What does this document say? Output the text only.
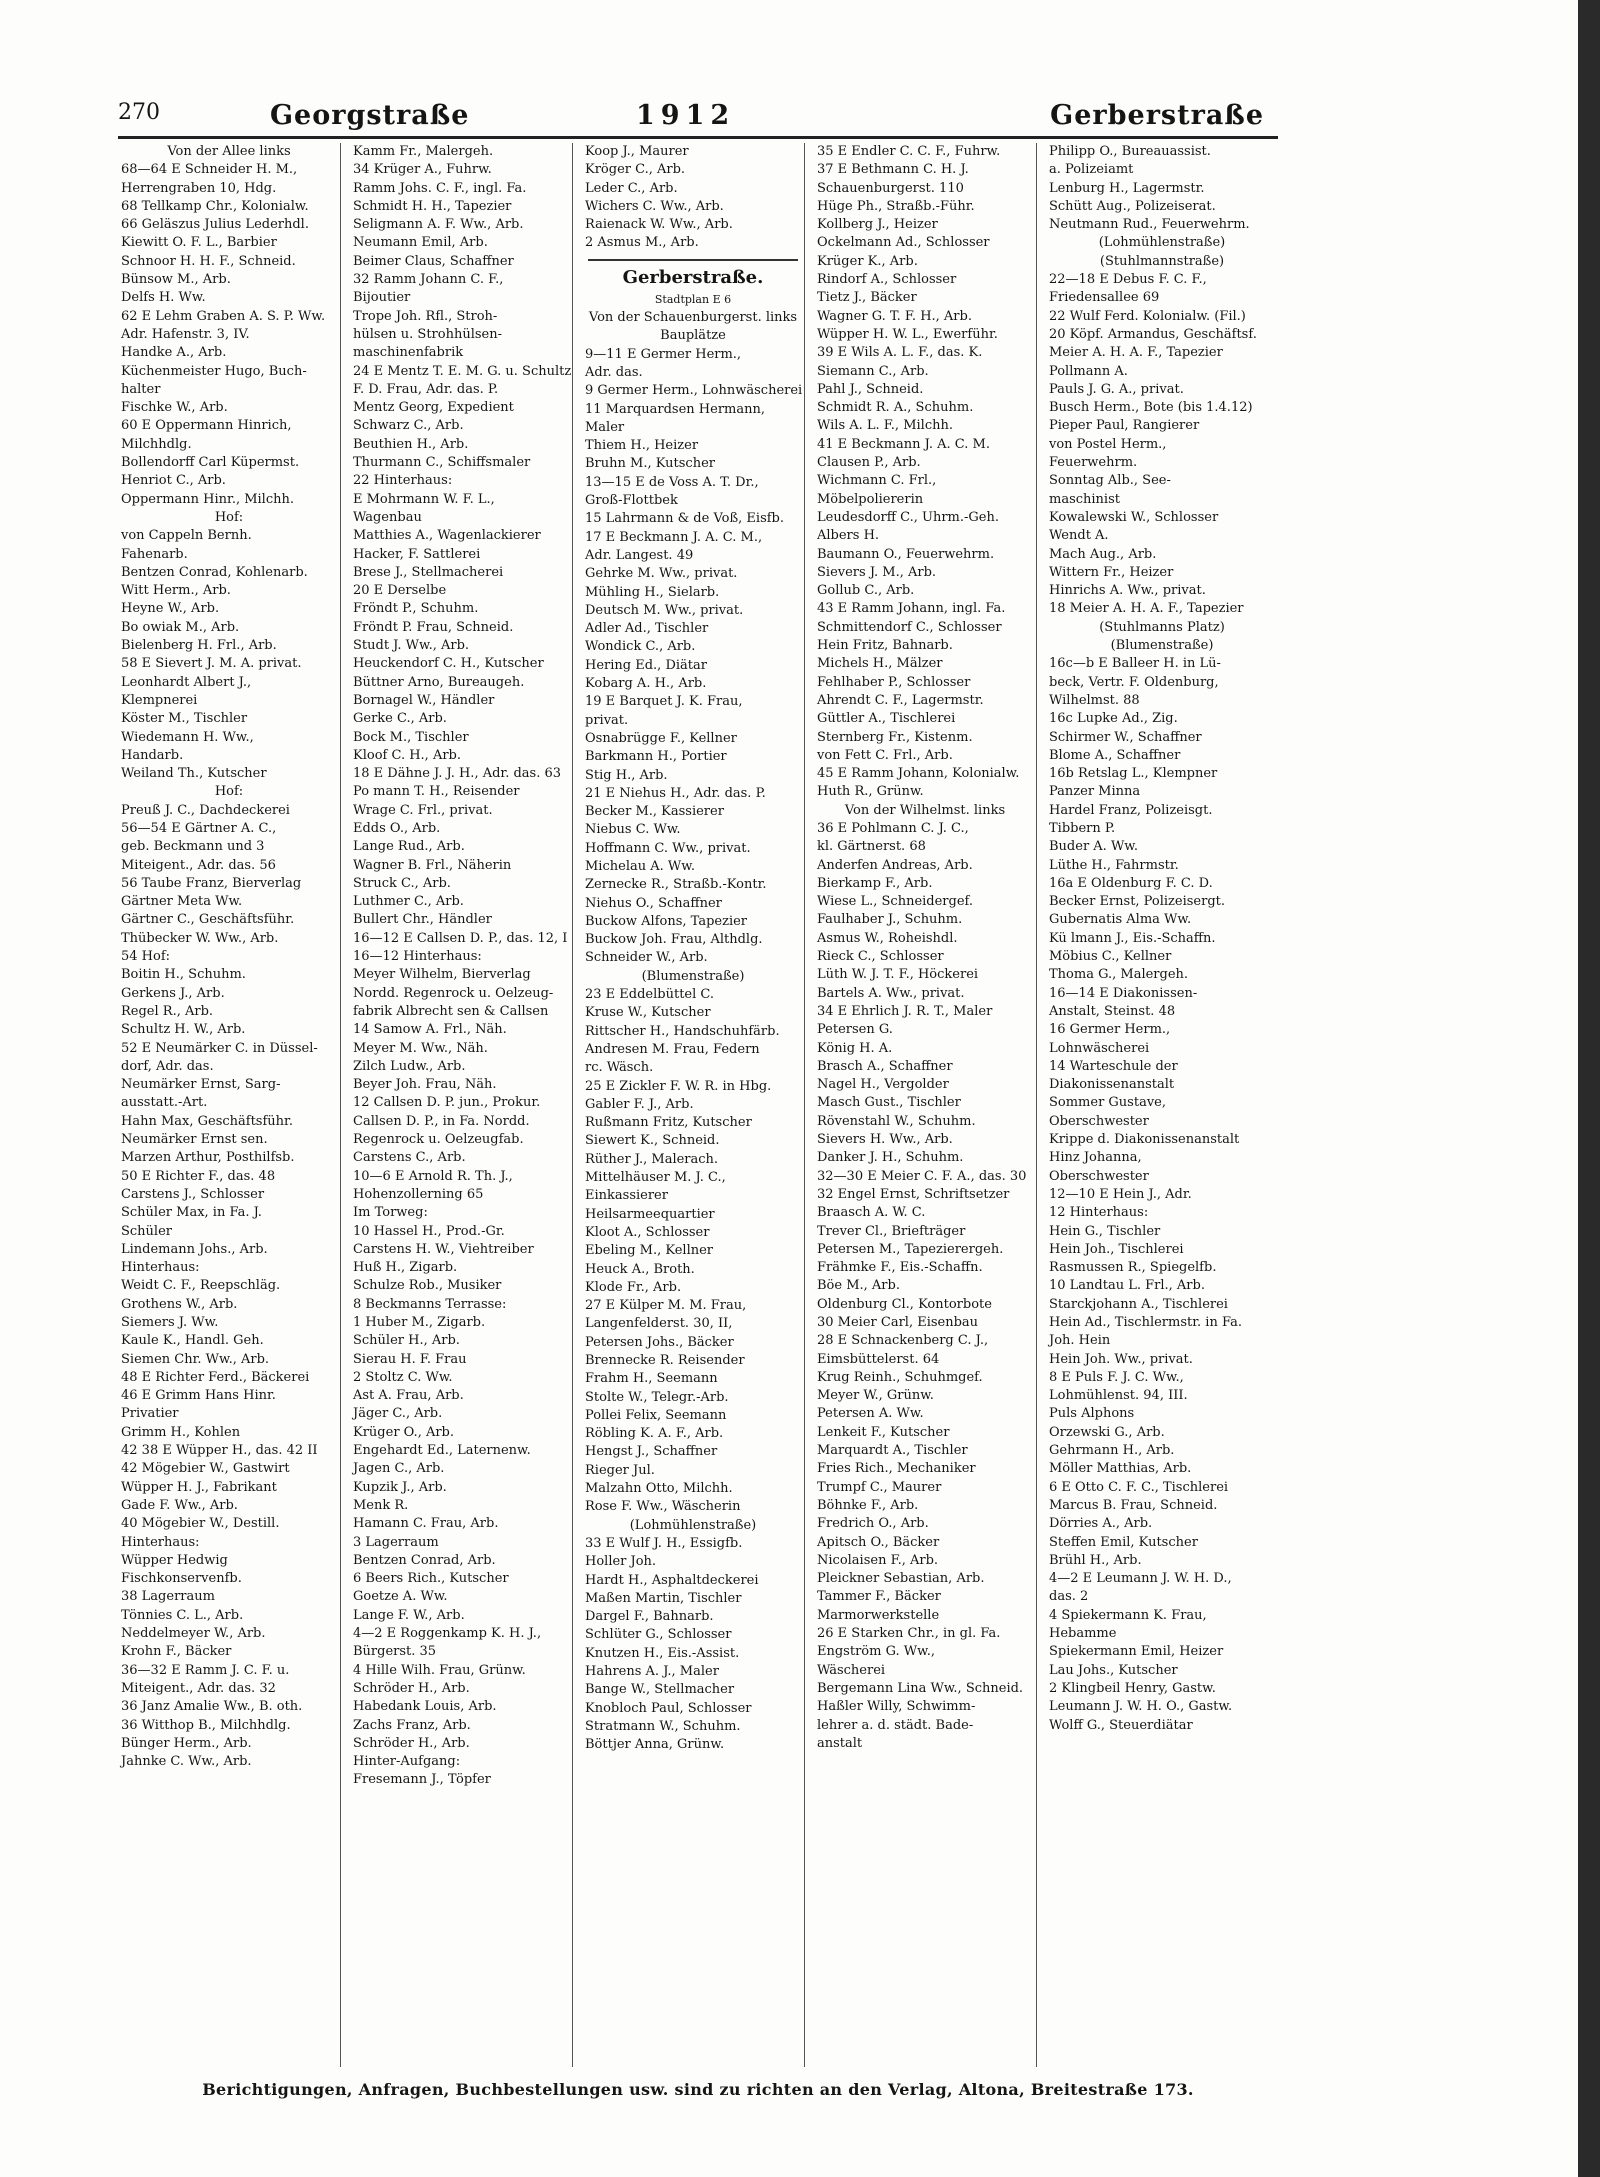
270	Georgstraße	1912	Gerberstraße
Von der Allee links
68—64 E Schneider H. M.,
Herrengraben 10, Hdg.
68 Tellkamp Chr., Kolonialw.
66 Geläszus Julius Lederhdl.
Kiewitt O. F. L., Barbier
Schnoor H. H. F., Schneid.
Bünsow M., Arb.
Delfs H. Ww.
62 E Lehm Graben A. S. P. Ww.
Adr. Hafenstr. 3, IV.
Handke A., Arb.
Küchenmeister Hugo, Buch-
halter
Fischke W., Arb.
60 E Oppermann Hinrich,
Milchhdlg.
Bollendorff Carl Küpermst.
Henriot C., Arb.
Oppermann Hinr., Milchh.
Hof:
von Cappeln Bernh.
Fahenarb.
Bentzen Conrad, Kohlenarb.
Witt Herm., Arb.
Heyne W., Arb.
Bo owiak M., Arb.
Bielenberg H. Frl., Arb.
58 E Sievert J. M. A. privat.
Leonhardt Albert J.,
Klempnerei
Köster M., Tischler
Wiedemann H. Ww.,
Handarb.
Weiland Th., Kutscher
Hof:
Preuß J. C., Dachdeckerei
56—54 E Gärtner A. C.,
geb. Beckmann und 3
Miteigent., Adr. das. 56
56 Taube Franz, Bierverlag
Gärtner Meta Ww.
Gärtner C., Geschäftsführ.
Thübecker W. Ww., Arb.
54 Hof:
Boitin H., Schuhm.
Gerkens J., Arb.
Regel R., Arb.
Schultz H. W., Arb.
52 E Neumärker C. in Düssel-
dorf, Adr. das.
Neumärker Ernst, Sarg-
ausstatt.-Art.
Hahn Max, Geschäftsführ.
Neumärker Ernst sen.
Marzen Arthur, Posthilfsb.
50 E Richter F., das. 48
Carstens J., Schlosser
Schüler Max, in Fa. J.
Schüler
Lindemann Johs., Arb.
Hinterhaus:
Weidt C. F., Reepschläg.
Grothens W., Arb.
Siemers J. Ww.
Kaule K., Handl. Geh.
Siemen Chr. Ww., Arb.
48 E Richter Ferd., Bäckerei
46 E Grimm Hans Hinr.
Privatier
Grimm H., Kohlen
42 38 E Wüpper H., das. 42 II
42 Mögebier W., Gastwirt
Wüpper H. J., Fabrikant
Gade F. Ww., Arb.
40 Mögebier W., Destill.
Hinterhaus:
Wüpper Hedwig
Fischkonservenfb.
38 Lagerraum
Tönnies C. L., Arb.
Neddelmeyer W., Arb.
Krohn F., Bäcker
36—32 E Ramm J. C. F. u.
Miteigent., Adr. das. 32
36 Janz Amalie Ww., B. oth.
36 Witthop B., Milchhdlg.
Bünger Herm., Arb.
Jahnke C. Ww., Arb.
Kamm Fr., Malergeh.
34 Krüger A., Fuhrw.
Ramm Johs. C. F., ingl. Fa.
Schmidt H. H., Tapezier
Seligmann A. F. Ww., Arb.
Neumann Emil, Arb.
Beimer Claus, Schaffner
32 Ramm Johann C. F.,
Bijoutier
Trope Joh. Rfl., Stroh-
hülsen u. Strohhülsen-
maschinenfabrik
24 E Mentz T. E. M. G. u. Schultz
F. D. Frau, Adr. das. P.
Mentz Georg, Expedient
Schwarz C., Arb.
Beuthien H., Arb.
Thurmann C., Schiffsmaler
22 Hinterhaus:
E Mohrmann W. F. L.,
Wagenbau
Matthies A., Wagenlackierer
Hacker, F. Sattlerei
Brese J., Stellmacherei
20 E Derselbe
Fröndt P., Schuhm.
Fröndt P. Frau, Schneid.
Studt J. Ww., Arb.
Heuckendorf C. H., Kutscher
Büttner Arno, Bureaugeh.
Bornagel W., Händler
Gerke C., Arb.
Bock M., Tischler
Kloof C. H., Arb.
18 E Dähne J. J. H., Adr. das. 63
Po mann T. H., Reisender
Wrage C. Frl., privat.
Edds O., Arb.
Lange Rud., Arb.
Wagner B. Frl., Näherin
Struck C., Arb.
Luthmer C., Arb.
Bullert Chr., Händler
16—12 E Callsen D. P., das. 12, I
16—12 Hinterhaus:
Meyer Wilhelm, Bierverlag
Nordd. Regenrock u. Oelzeug-
fabrik Albrecht sen & Callsen
14 Samow A. Frl., Näh.
Meyer M. Ww., Näh.
Zilch Ludw., Arb.
Beyer Joh. Frau, Näh.
12 Callsen D. P. jun., Prokur.
Callsen D. P., in Fa. Nordd.
Regenrock u. Oelzeugfab.
Carstens C., Arb.
10—6 E Arnold R. Th. J.,
Hohenzollerning 65
Im Torweg:
10 Hassel H., Prod.-Gr.
Carstens H. W., Viehtreiber
Huß H., Zigarb.
Schulze Rob., Musiker
8 Beckmanns Terrasse:
1 Huber M., Zigarb.
Schüler H., Arb.
Sierau H. F. Frau
2 Stoltz C. Ww.
Ast A. Frau, Arb.
Jäger C., Arb.
Krüger O., Arb.
Engehardt Ed., Laternenw.
Jagen C., Arb.
Kupzik J., Arb.
Menk R.
Hamann C. Frau, Arb.
3 Lagerraum
Bentzen Conrad, Arb.
6 Beers Rich., Kutscher
Goetze A. Ww.
Lange F. W., Arb.
4—2 E Roggenkamp K. H. J.,
Bürgerst. 35
4 Hille Wilh. Frau, Grünw.
Schröder H., Arb.
Habedank Louis, Arb.
Zachs Franz, Arb.
Schröder H., Arb.
Hinter-Aufgang:
Fresemann J., Töpfer
Koop J., Maurer
Kröger C., Arb.
Leder C., Arb.
Wichers C. Ww., Arb.
Raienack W. Ww., Arb.
2 Asmus M., Arb.
Gerberstraße.
Stadtplan E 6
Von der Schauenburgerst. links
Bauplätze
9—11 E Germer Herm.,
Adr. das.
9 Germer Herm., Lohnwäscherei
11 Marquardsen Hermann,
Maler
Thiem H., Heizer
Bruhn M., Kutscher
13—15 E de Voss A. T. Dr.,
Groß-Flottbek
15 Lahrmann & de Voß, Eisfb.
17 E Beckmann J. A. C. M.,
Adr. Langest. 49
Gehrke M. Ww., privat.
Mühling H., Sielarb.
Deutsch M. Ww., privat.
Adler Ad., Tischler
Wondick C., Arb.
Hering Ed., Diätar
Kobarg A. H., Arb.
19 E Barquet J. K. Frau,
privat.
Osnabrügge F., Kellner
Barkmann H., Portier
Stig H., Arb.
21 E Niehus H., Adr. das. P.
Becker M., Kassierer
Niebus C. Ww.
Hoffmann C. Ww., privat.
Michelau A. Ww.
Zernecke R., Straßb.-Kontr.
Niehus O., Schaffner
Buckow Alfons, Tapezier
Buckow Joh. Frau, Althdlg.
Schneider W., Arb.
(Blumenstraße)
23 E Eddelbüttel C.
Kruse W., Kutscher
Rittscher H., Handschuhfärb.
Andresen M. Frau, Federn
rc. Wäsch.
25 E Zickler F. W. R. in Hbg.
Gabler F. J., Arb.
Rußmann Fritz, Kutscher
Siewert K., Schneid.
Rüther J., Malerach.
Mittelhäuser M. J. C.,
Einkassierer
Heilsarmeequartier
Kloot A., Schlosser
Ebeling M., Kellner
Heuck A., Broth.
Klode Fr., Arb.
27 E Külper M. M. Frau,
Langenfelderst. 30, II,
Petersen Johs., Bäcker
Brennecke R. Reisender
Frahm H., Seemann
Stolte W., Telegr.-Arb.
Pollei Felix, Seemann
Röbling K. A. F., Arb.
Hengst J., Schaffner
Rieger Jul.
Malzahn Otto, Milchh.
Rose F. Ww., Wäscherin
(Lohmühlenstraße)
33 E Wulf J. H., Essigfb.
Holler Joh.
Hardt H., Asphaltdeckerei
Maßen Martin, Tischler
Dargel F., Bahnarb.
Schlüter G., Schlosser
Knutzen H., Eis.-Assist.
Hahrens A. J., Maler
Bange W., Stellmacher
Knobloch Paul, Schlosser
Stratmann W., Schuhm.
Böttjer Anna, Grünw.
35 E Endler C. C. F., Fuhrw.
37 E Bethmann C. H. J.
Schauenburgerst. 110
Hüge Ph., Straßb.-Führ.
Kollberg J., Heizer
Ockelmann Ad., Schlosser
Krüger K., Arb.
Rindorf A., Schlosser
Tietz J., Bäcker
Wagner G. T. F. H., Arb.
Wüpper H. W. L., Ewerführ.
39 E Wils A. L. F., das. K.
Siemann C., Arb.
Pahl J., Schneid.
Schmidt R. A., Schuhm.
Wils A. L. F., Milchh.
41 E Beckmann J. A. C. M.
Clausen P., Arb.
Wichmann C. Frl.,
Möbelpoliererin
Leudesdorff C., Uhrm.-Geh.
Albers H.
Baumann O., Feuerwehrm.
Sievers J. M., Arb.
Gollub C., Arb.
43 E Ramm Johann, ingl. Fa.
Schmittendorf C., Schlosser
Hein Fritz, Bahnarb.
Michels H., Mälzer
Fehlhaber P., Schlosser
Ahrendt C. F., Lagermstr.
Güttler A., Tischlerei
Sternberg Fr., Kistenm.
von Fett C. Frl., Arb.
45 E Ramm Johann, Kolonialw.
Huth R., Grünw.
Von der Wilhelmst. links
36 E Pohlmann C. J. C.,
kl. Gärtnerst. 68
Anderfen Andreas, Arb.
Bierkamp F., Arb.
Wiese L., Schneidergef.
Faulhaber J., Schuhm.
Asmus W., Roheishdl.
Rieck C., Schlosser
Lüth W. J. T. F., Höckerei
Bartels A. Ww., privat.
34 E Ehrlich J. R. T., Maler
Petersen G.
König H. A.
Brasch A., Schaffner
Nagel H., Vergolder
Masch Gust., Tischler
Rövenstahl W., Schuhm.
Sievers H. Ww., Arb.
Danker J. H., Schuhm.
32—30 E Meier C. F. A., das. 30
32 Engel Ernst, Schriftsetzer
Braasch A. W. C.
Trever Cl., Briefträger
Petersen M., Tapezierergeh.
Frähmke F., Eis.-Schaffn.
Böe M., Arb.
Oldenburg Cl., Kontorbote
30 Meier Carl, Eisenbau
28 E Schnackenberg C. J.,
Eimsbüttelerst. 64
Krug Reinh., Schuhmgef.
Meyer W., Grünw.
Petersen A. Ww.
Lenkeit F., Kutscher
Marquardt A., Tischler
Fries Rich., Mechaniker
Trumpf C., Maurer
Böhnke F., Arb.
Fredrich O., Arb.
Apitsch O., Bäcker
Nicolaisen F., Arb.
Pleickner Sebastian, Arb.
Tammer F., Bäcker
Marmorwerkstelle
26 E Starken Chr., in gl. Fa.
Engström G. Ww.,
Wäscherei
Bergemann Lina Ww., Schneid.
Haßler Willy, Schwimm-
lehrer a. d. städt. Bade-
anstalt
Philipp O., Bureauassist.
a. Polizeiamt
Lenburg H., Lagermstr.
Schütt Aug., Polizeiserat.
Neutmann Rud., Feuerwehrm.
(Lohmühlenstraße)
(Stuhlmannstraße)
22—18 E Debus F. C. F.,
Friedensallee 69
22 Wulf Ferd. Kolonialw. (Fil.)
20 Köpf. Armandus, Geschäftsf.
Meier A. H. A. F., Tapezier
Pollmann A.
Pauls J. G. A., privat.
Busch Herm., Bote (bis 1.4.12)
Pieper Paul, Rangierer
von Postel Herm.,
Feuerwehrm.
Sonntag Alb., See-
maschinist
Kowalewski W., Schlosser
Wendt A.
Mach Aug., Arb.
Wittern Fr., Heizer
Hinrichs A. Ww., privat.
18 Meier A. H. A. F., Tapezier
(Stuhlmanns Platz)
(Blumenstraße)
16c—b E Balleer H. in Lü-
beck, Vertr. F. Oldenburg,
Wilhelmst. 88
16c Lupke Ad., Zig.
Schirmer W., Schaffner
Blome A., Schaffner
16b Retslag L., Klempner
Panzer Minna
Hardel Franz, Polizeisgt.
Tibbern P.
Buder A. Ww.
Lüthe H., Fahrmstr.
16a E Oldenburg F. C. D.
Becker Ernst, Polizeisergt.
Gubernatis Alma Ww.
Kü lmann J., Eis.-Schaffn.
Möbius C., Kellner
Thoma G., Malergeh.
16—14 E Diakonissen-
Anstalt, Steinst. 48
16 Germer Herm.,
Lohnwäscherei
14 Warteschule der
Diakonissenanstalt
Sommer Gustave,
Oberschwester
Krippe d. Diakonissenanstalt
Hinz Johanna,
Oberschwester
12—10 E Hein J., Adr.
12 Hinterhaus:
Hein G., Tischler
Hein Joh., Tischlerei
Rasmussen R., Spiegelfb.
10 Landtau L. Frl., Arb.
Starckjohann A., Tischlerei
Hein Ad., Tischlermstr. in Fa.
Joh. Hein
Hein Joh. Ww., privat.
8 E Puls F. J. C. Ww.,
Lohmühlenst. 94, III.
Puls Alphons
Orzewski G., Arb.
Gehrmann H., Arb.
Möller Matthias, Arb.
6 E Otto C. F. C., Tischlerei
Marcus B. Frau, Schneid.
Dörries A., Arb.
Steffen Emil, Kutscher
Brühl H., Arb.
4—2 E Leumann J. W. H. D.,
das. 2
4 Spiekermann K. Frau,
Hebamme
Spiekermann Emil, Heizer
Lau Johs., Kutscher
2 Klingbeil Henry, Gastw.
Leumann J. W. H. O., Gastw.
Wolff G., Steuerdiätar
Berichtigungen, Anfragen, Buchbestellungen usw. sind zu richten an den Verlag, Altona, Breitestraße 173.
